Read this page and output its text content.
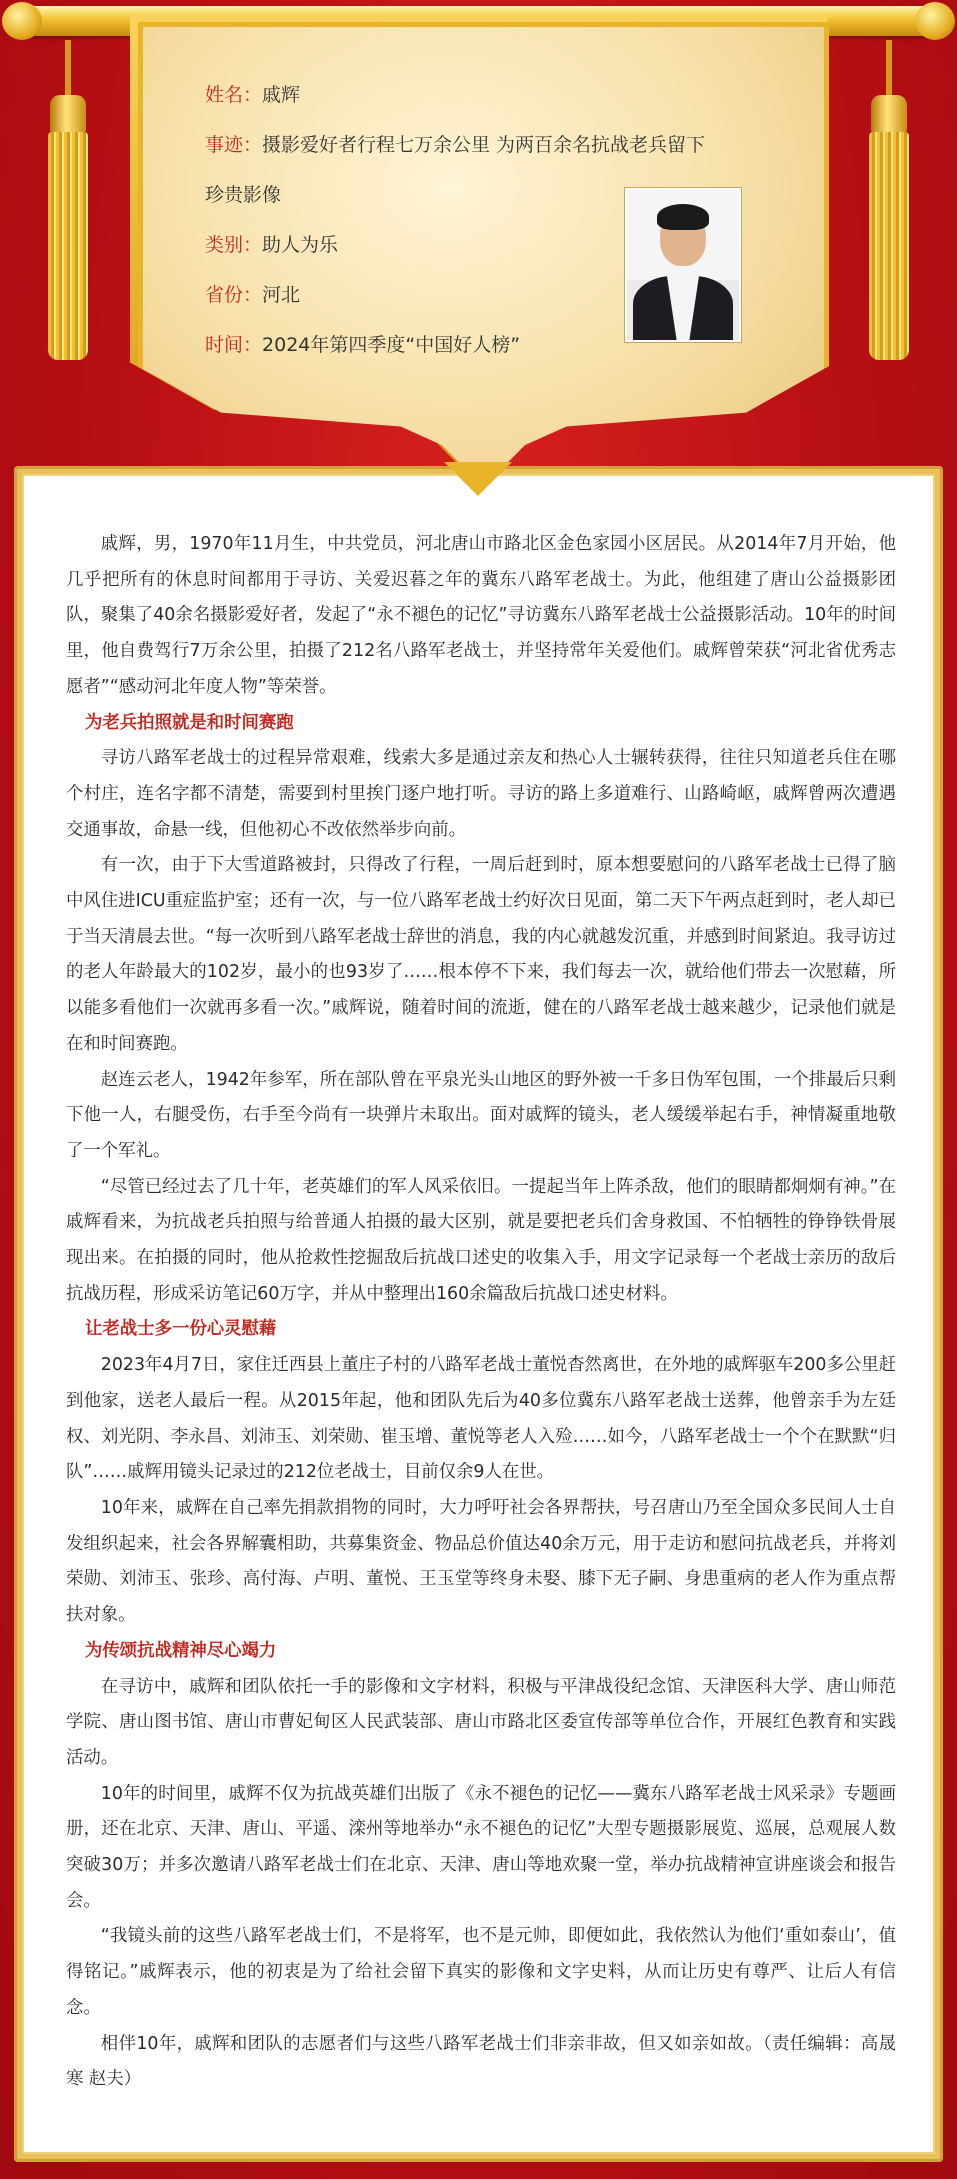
姓名：戚辉
事迹：摄影爱好者行程七万余公里 为两百余名抗战老兵留下
珍贵影像
类别：助人为乐
省份：河北
时间：2024年第四季度“中国好人榜”

戚辉，男，1970年11月生，中共党员，河北唐山市路北区金色家园小区居民。从2014年7月开始，他几乎把所有的休息时间都用于寻访、关爱迟暮之年的冀东八路军老战士。为此，他组建了唐山公益摄影团队，聚集了40余名摄影爱好者，发起了“永不褪色的记忆”寻访冀东八路军老战士公益摄影活动。10年的时间里，他自费驾行7万余公里，拍摄了212名八路军老战士，并坚持常年关爱他们。戚辉曾荣获“河北省优秀志愿者”“感动河北年度人物”等荣誉。

为老兵拍照就是和时间赛跑

寻访八路军老战士的过程异常艰难，线索大多是通过亲友和热心人士辗转获得，往往只知道老兵住在哪个村庄，连名字都不清楚，需要到村里挨门逐户地打听。寻访的路上多道难行、山路崎岖，戚辉曾两次遭遇交通事故，命悬一线，但他初心不改依然举步向前。

有一次，由于下大雪道路被封，只得改了行程，一周后赶到时，原本想要慰问的八路军老战士已得了脑中风住进ICU重症监护室；还有一次，与一位八路军老战士约好次日见面，第二天下午两点赶到时，老人却已于当天清晨去世。“每一次听到八路军老战士辞世的消息，我的内心就越发沉重，并感到时间紧迫。我寻访过的老人年龄最大的102岁，最小的也93岁了……根本停不下来，我们每去一次，就给他们带去一次慰藉，所以能多看他们一次就再多看一次。”戚辉说，随着时间的流逝，健在的八路军老战士越来越少，记录他们就是在和时间赛跑。

赵连云老人，1942年参军，所在部队曾在平泉光头山地区的野外被一千多日伪军包围，一个排最后只剩下他一人，右腿受伤，右手至今尚有一块弹片未取出。面对戚辉的镜头，老人缓缓举起右手，神情凝重地敬了一个军礼。

“尽管已经过去了几十年，老英雄们的军人风采依旧。一提起当年上阵杀敌，他们的眼睛都炯炯有神。”在戚辉看来，为抗战老兵拍照与给普通人拍摄的最大区别，就是要把老兵们舍身救国、不怕牺牲的铮铮铁骨展现出来。在拍摄的同时，他从抢救性挖掘敌后抗战口述史的收集入手，用文字记录每一个老战士亲历的敌后抗战历程，形成采访笔记60万字，并从中整理出160余篇敌后抗战口述史材料。

让老战士多一份心灵慰藉

2023年4月7日，家住迁西县上董庄子村的八路军老战士董悦杳然离世，在外地的戚辉驱车200多公里赶到他家，送老人最后一程。从2015年起，他和团队先后为40多位冀东八路军老战士送葬，他曾亲手为左廷权、刘光阴、李永昌、刘沛玉、刘荣勋、崔玉增、董悦等老人入殓……如今，八路军老战士一个个在默默“归队”……戚辉用镜头记录过的212位老战士，目前仅余9人在世。

10年来，戚辉在自己率先捐款捐物的同时，大力呼吁社会各界帮扶，号召唐山乃至全国众多民间人士自发组织起来，社会各界解囊相助，共募集资金、物品总价值达40余万元，用于走访和慰问抗战老兵，并将刘荣勋、刘沛玉、张珍、高付海、卢明、董悦、王玉堂等终身未娶、膝下无子嗣、身患重病的老人作为重点帮扶对象。

为传颂抗战精神尽心竭力

在寻访中，戚辉和团队依托一手的影像和文字材料，积极与平津战役纪念馆、天津医科大学、唐山师范学院、唐山图书馆、唐山市曹妃甸区人民武装部、唐山市路北区委宣传部等单位合作，开展红色教育和实践活动。

10年的时间里，戚辉不仅为抗战英雄们出版了《永不褪色的记忆——冀东八路军老战士风采录》专题画册，还在北京、天津、唐山、平遥、滦州等地举办“永不褪色的记忆”大型专题摄影展览、巡展，总观展人数突破30万；并多次邀请八路军老战士们在北京、天津、唐山等地欢聚一堂，举办抗战精神宣讲座谈会和报告会。

“我镜头前的这些八路军老战士们，不是将军，也不是元帅，即便如此，我依然认为他们‘重如泰山’，值得铭记。”戚辉表示，他的初衷是为了给社会留下真实的影像和文字史料，从而让历史有尊严、让后人有信念。

相伴10年，戚辉和团队的志愿者们与这些八路军老战士们非亲非故，但又如亲如故。（责任编辑：高晟寒 赵夫）
